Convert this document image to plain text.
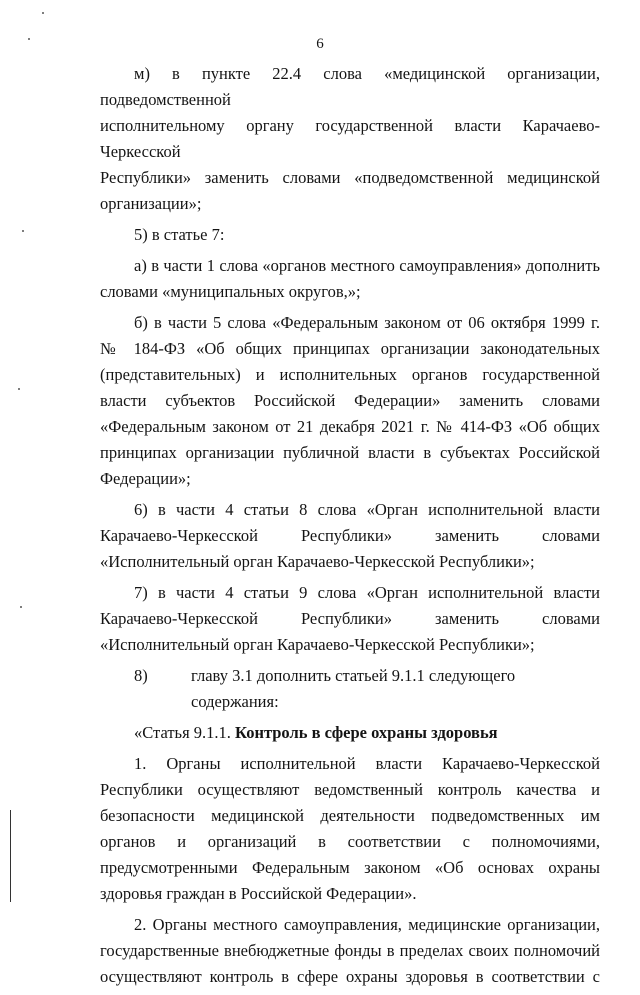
6
м) в пункте 22.4 слова «медицинской организации, подведомственной
исполнительному органу государственной власти Карачаево-Черкесской
Республики» заменить словами «подведомственной медицинской
организации»;
5) в статье 7:
а) в части 1 слова «органов местного самоуправления» дополнить словами «муниципальных округов,»;
б) в части 5 слова «Федеральным законом от 06 октября 1999 г.
№ 184-ФЗ «Об общих принципах организации законодательных
(представительных) и исполнительных органов государственной власти субъектов Российской Федерации» заменить словами «Федеральным законом от 21 декабря 2021 г. № 414-ФЗ «Об общих принципах организации публичной власти в субъектах Российской Федерации»;
6) в части 4 статьи 8 слова «Орган исполнительной власти Карачаево-Черкесской Республики» заменить словами «Исполнительный орган Карачаево-Черкесской Республики»;
7) в части 4 статьи 9 слова «Орган исполнительной власти Карачаево-Черкесской Республики» заменить словами «Исполнительный орган Карачаево-Черкесской Республики»;
8)	главу 3.1 дополнить статьей 9.1.1 следующего содержания:
«Статья 9.1.1. Контроль в сфере охраны здоровья
1. Органы исполнительной власти Карачаево-Черкесской Республики осуществляют ведомственный контроль качества и безопасности медицинской деятельности подведомственных им органов и организаций в соответствии с полномочиями, предусмотренными Федеральным законом «Об основах охраны здоровья граждан в Российской Федерации».
2. Органы местного самоуправления, медицинские организации, государственные внебюджетные фонды в пределах своих полномочий осуществляют контроль в сфере охраны здоровья в соответствии с
